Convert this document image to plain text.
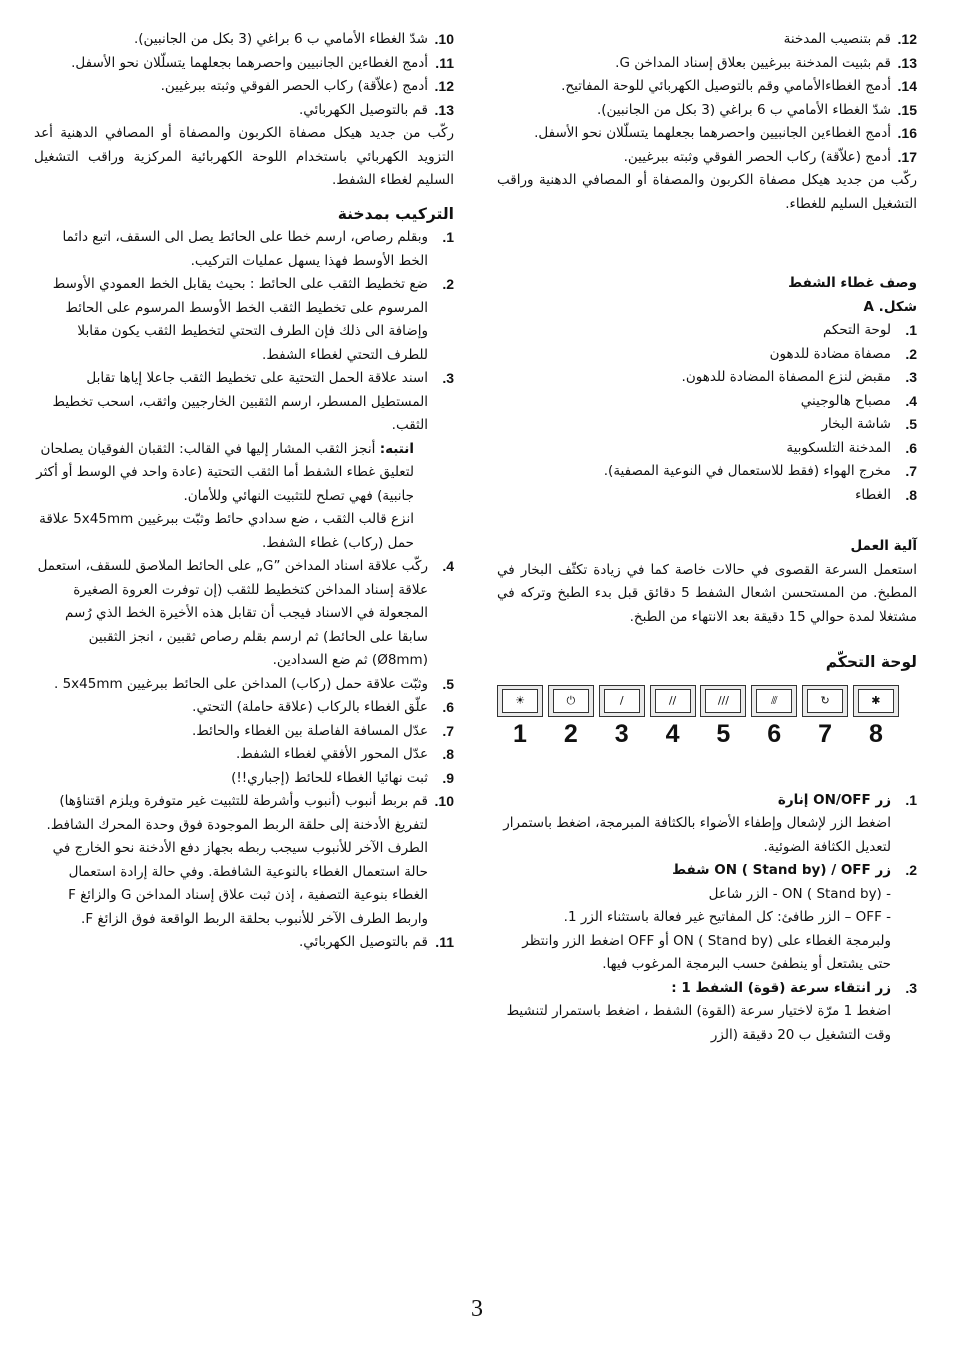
12.
قم بتنصيب المدخنة
13.
قم بثبيت المدخنة ببرغيين بعلاق إسناد المداخن G.
14.
أدمج الغطاءالأمامي وقم بالتوصيل الكهربائي للوحة المفاتيح.
15.
شدّ الغطاء الأمامي ب 6 براغي (3 بكل من الجانبين).
16.
أدمج الغطاءين الجانبيين واحصرهما بجعلهما يتسلّلان نحو الأسفل.
17.
أدمج (علاّقة) ركاب الحصر الفوقي وثبته ببرغيين.
ركّب من جديد هيكل مصفاة الكربون والمصفاة أو المصافي الدهنية وراقب التشغيل السليم للغطاء.
وصف غطاء الشفط
شكل. A
1.
لوحة التحكم
2.
مصفاة مضادة للدهون
3.
مقبض لنزع المصفاة المضادة للدهون.
4.
مصباح هالوجيني
5.
شاشة البخار
6.
المدخنة التلسكوبية
7.
مخرج الهواء (فقط للاستعمال في النوعية المصفية).
8.
الغطاء
آلية العمل
استعمل السرعة القصوى في حالات خاصة كما في زيادة تكثّف البخار في المطبخ. من المستحسن اشعال الشفط 5 دقائق قبل بدء الطبخ وتركه في مشتغلا لمدة حوالي 15 دقيقة بعد الانتهاء من الطبخ.
لوحة التحكّم
☀
1
⏻
2
/
3
//
4
///
5
⫻
6
↻
7
✱
8
1.
زر ON/OFF إنارة
اضغط الزر لإشعال وإطفاء الأضواء بالكثافة المبرمجة، اضغط باستمرار لتعديل الكثافة الضوئية.
2.
زر ON ( Stand by) / OFF شفط
- ON ( Stand by) - الزر شاعل
- OFF – الزر طافئ: كل المفاتيح غير فعالة باستثناء الزر 1.
ولبرمجة الغطاء على ON ( Stand by) أو OFF اضغط الزر وانتظر حتى يشتعل أو ينطفئ حسب البرمجة المرغوب فيها.
3.
زر انتقاء سرعة (قوة) الشفط 1 :
اضغط 1 مرّة لاختيار سرعة (القوة) الشفط ، اضغط باستمرار لتنشيط وقت التشغيل ب 20 دقيقة (الزر
10.
شدّ الغطاء الأمامي ب 6 براغي (3 بكل من الجانبين).
11.
أدمج الغطاءين الجانبيين واحصرهما بجعلهما يتسلّلان نحو الأسفل.
12.
أدمج (علاّقة) ركاب الحصر الفوقي وثبته ببرغيين.
13.
قم بالتوصيل الكهربائي.
ركّب من جديد هيكل مصفاة الكربون والمصفاة أو المصافي الدهنية أعد التزويد الكهربائي باستخدام اللوحة الكهربائية المركزية وراقب التشغيل السليم لغطاء الشفط.
التركيب بمدخنة
1.
وبقلم رصاص، ارسم خطا على الحائط يصل الى السقف، اتبع دائما الخط الأوسط فهذا يسهل عمليات التركيب.
2.
ضع تخطيط الثقب على الحائط : بحيث يقابل الخط العمودي الأوسط المرسوم على تخطيط الثقب الخط الأوسط المرسوم على الحائط وإضافة الى ذلك فإن الطرف التحتي لتخطيط الثقب يكون مقابلا للطرف التحتي لغطاء الشفط.
3.
اسند علاقة الحمل التحتية على تخطيط الثقب جاعلا إياها تقابل المستطيل المسطر، ارسم الثقبين الخارجيين واثقب، اسحب تخطيط الثقب.
انتبه: أنجز الثقب المشار إليها في القالب: الثقبان الفوقيان يصلحان لتعليق غطاء الشفط أما الثقب التحتية (عادة واحد في الوسط أو أكثر جانبية) فهي تصلح للتثبيت النهائي وللأمان.
انزع قالب الثقب ، ضع سدادي حائط وثبّت ببرغيين 5x45mm علاقة حمل (ركاب) غطاء الشفط.
4.
ركّب علاقة اسناد المداخن ”G„ على الحائط الملاصق للسقف، استعمل علاقة إسناد المداخن كتخطيط للثقب (إن توفرت العروة الصغيرة المجعولة في الاسناد فيجب أن تقابل هذه الأخيرة الخط الذي رُسم سابقا على الحائط) ثم ارسم بقلم رصاص ثقبين ، انجز الثقبين (Ø8mm) ثم ضع السدادين.
5.
وثبّت علاقة حمل (ركاب) المداخن على الحائط ببرغيين 5x45mm .
6.
علّق الغطاء بالركاب (علاقة حاملة) التحتي.
7.
عدّل المسافة الفاصلة بين الغطاء والحائط.
8.
عدّل المحور الأفقي لغطاء الشفط.
9.
ثبت نهائيا الغطاء للحائط (إجباري!!)
10.
قم بربط أنبوب (أنبوب وأشرطة للتثبيت غير متوفرة ويلزم اقتناؤها) لتفريغ الأدخنة إلى حلقة الربط الموجودة فوق وحدة المحرك الشافط.
الطرف الآخر للأنبوب سيجب ربطه بجهاز دفع الأدخنة نحو الخارج في حالة استعمال الغطاء بالنوعية الشافطة. وفي حالة إرادة استعمال الغطاء بنوعية التصفية ، إذن ثبت علاق إسناد المداخن G والزائغ F واربط الطرف الآخر للأنبوب بحلقة الربط الواقعة فوق الزائغ F.
11.
قم بالتوصيل الكهربائي.
3
